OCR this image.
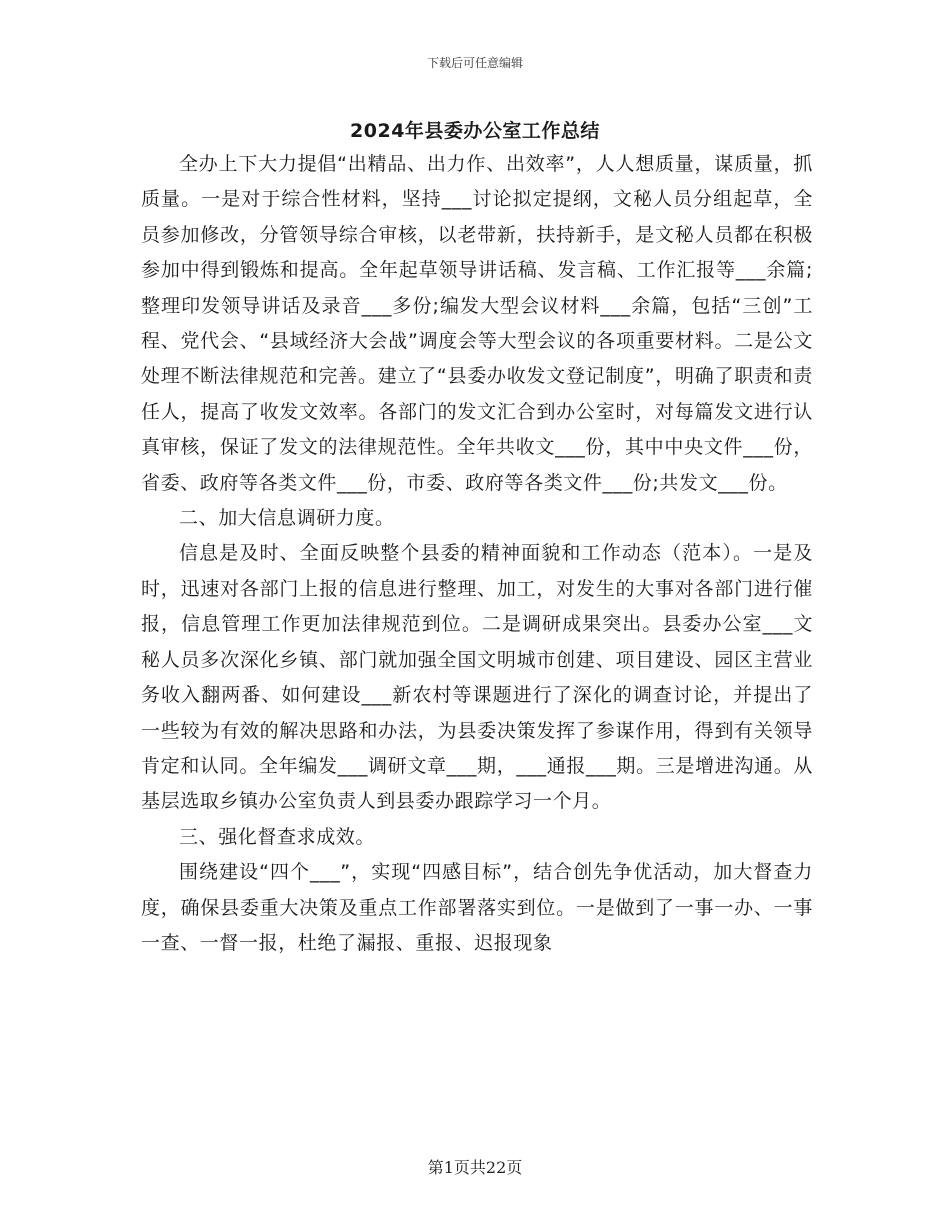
下载后可任意编辑
2024年县委办公室工作总结

全办上下大力提倡“出精品、出力作、出效率”，人人想质量，谋质量，抓质量。一是对于综合性材料，坚持___讨论拟定提纲，文秘人员分组起草，全员参加修改，分管领导综合审核，以老带新，扶持新手，是文秘人员都在积极参加中得到锻炼和提高。全年起草领导讲话稿、发言稿、工作汇报等___余篇;整理印发领导讲话及录音___多份;编发大型会议材料___余篇，包括“三创”工程、党代会、“县域经济大会战”调度会等大型会议的各项重要材料。二是公文处理不断法律规范和完善。建立了“县委办收发文登记制度”，明确了职责和责任人，提高了收发文效率。各部门的发文汇合到办公室时，对每篇发文进行认真审核，保证了发文的法律规范性。全年共收文___份，其中中央文件___份，省委、政府等各类文件___份，市委、政府等各类文件___份;共发文___份。

二、加大信息调研力度。

信息是及时、全面反映整个县委的精神面貌和工作动态（范本）。一是及时，迅速对各部门上报的信息进行整理、加工，对发生的大事对各部门进行催报，信息管理工作更加法律规范到位。二是调研成果突出。县委办公室___文秘人员多次深化乡镇、部门就加强全国文明城市创建、项目建设、园区主营业务收入翻两番、如何建设___新农村等课题进行了深化的调查讨论，并提出了一些较为有效的解决思路和办法，为县委决策发挥了参谋作用，得到有关领导肯定和认同。全年编发___调研文章___期，___通报___期。三是增进沟通。从基层选取乡镇办公室负责人到县委办跟踪学习一个月。

三、强化督查求成效。

围绕建设“四个___”，实现“四感目标”，结合创先争优活动，加大督查力度，确保县委重大决策及重点工作部署落实到位。一是做到了一事一办、一事一查、一督一报，杜绝了漏报、重报、迟报现象

第1页共22页
